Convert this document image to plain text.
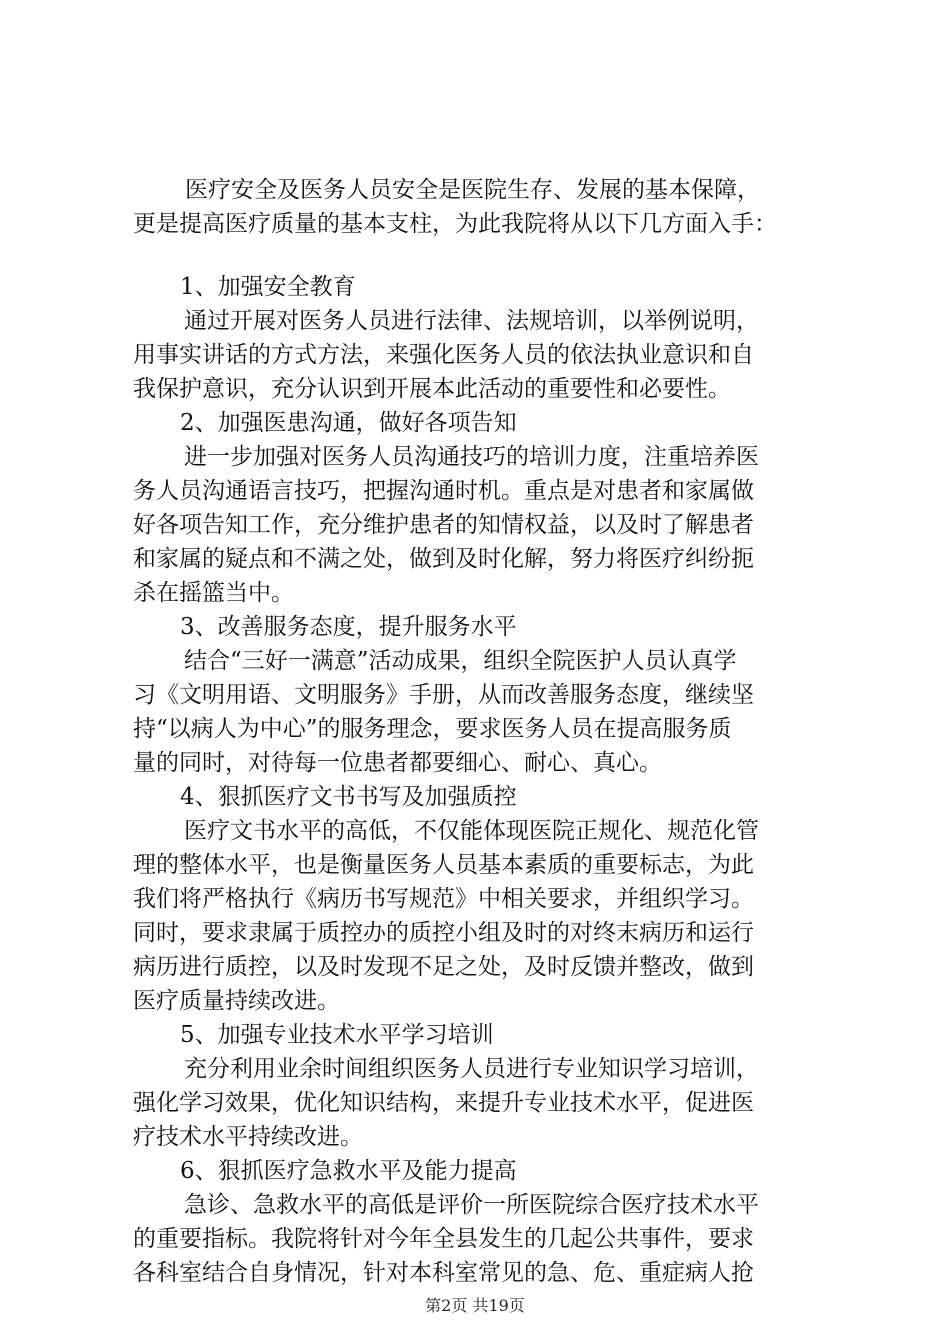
医疗安全及医务人员安全是医院生存、发展的基本保障，
更是提高医疗质量的基本支柱，为此我院将从以下几方面入手：
1、加强安全教育
通过开展对医务人员进行法律、法规培训，以举例说明，
用事实讲话的方式方法，来强化医务人员的依法执业意识和自
我保护意识，充分认识到开展本此活动的重要性和必要性。
2、加强医患沟通，做好各项告知
进一步加强对医务人员沟通技巧的培训力度，注重培养医
务人员沟通语言技巧，把握沟通时机。重点是对患者和家属做
好各项告知工作，充分维护患者的知情权益，以及时了解患者
和家属的疑点和不满之处，做到及时化解，努力将医疗纠纷扼
杀在摇篮当中。
3、改善服务态度，提升服务水平
结合“三好一满意”活动成果，组织全院医护人员认真学
习《文明用语、文明服务》手册，从而改善服务态度，继续坚
持“以病人为中心”的服务理念，要求医务人员在提高服务质
量的同时，对待每一位患者都要细心、耐心、真心。
4、狠抓医疗文书书写及加强质控
医疗文书水平的高低，不仅能体现医院正规化、规范化管
理的整体水平，也是衡量医务人员基本素质的重要标志，为此
我们将严格执行《病历书写规范》中相关要求，并组织学习。
同时，要求隶属于质控办的质控小组及时的对终末病历和运行
病历进行质控，以及时发现不足之处，及时反馈并整改，做到
医疗质量持续改进。
5、加强专业技术水平学习培训
充分利用业余时间组织医务人员进行专业知识学习培训，
强化学习效果，优化知识结构，来提升专业技术水平，促进医
疗技术水平持续改进。
6、狠抓医疗急救水平及能力提高
急诊、急救水平的高低是评价一所医院综合医疗技术水平
的重要指标。我院将针对今年全县发生的几起公共事件，要求
各科室结合自身情况，针对本科室常见的急、危、重症病人抢
第2页 共19页
